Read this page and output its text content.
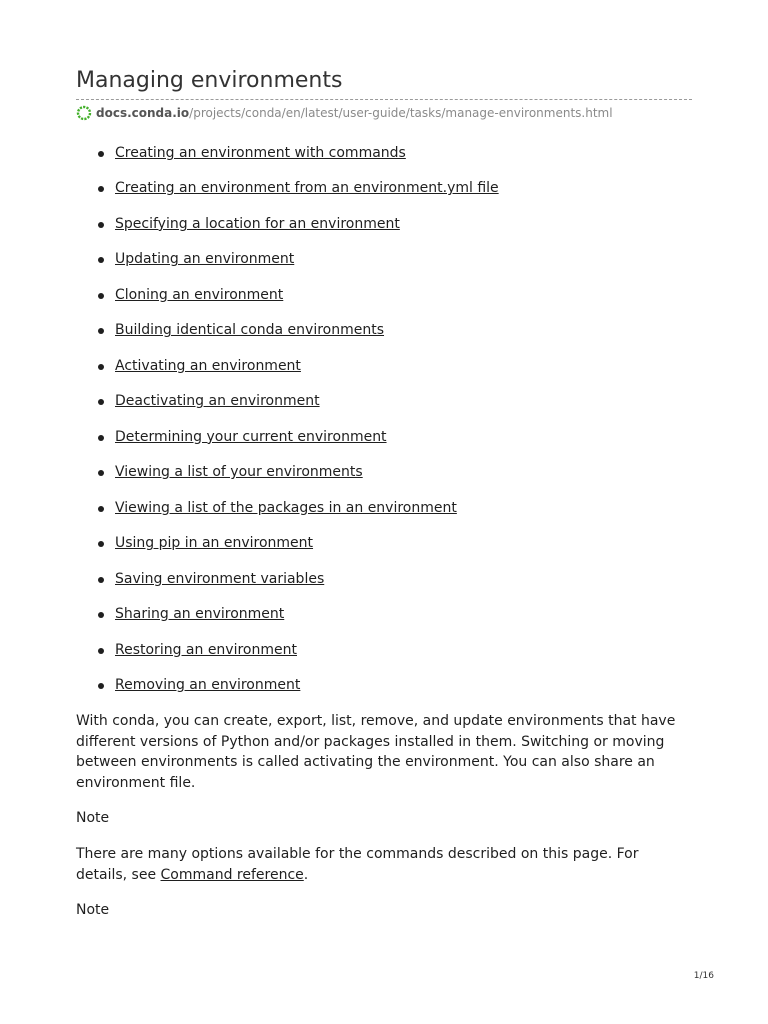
Managing environments
docs.conda.io /projects/conda/en/latest/user-guide/tasks/manage-environments.html
Creating an environment with commands
Creating an environment from an environment.yml file
Specifying a location for an environment
Updating an environment
Cloning an environment
Building identical conda environments
Activating an environment
Deactivating an environment
Determining your current environment
Viewing a list of your environments
Viewing a list of the packages in an environment
Using pip in an environment
Saving environment variables
Sharing an environment
Restoring an environment
Removing an environment

With conda, you can create, export, list, remove, and update environments that have different versions of Python and/or packages installed in them. Switching or moving between environments is called activating the environment. You can also share an environment file.

Note

There are many options available for the commands described on this page. For details, see Command reference.

Note

1/16
